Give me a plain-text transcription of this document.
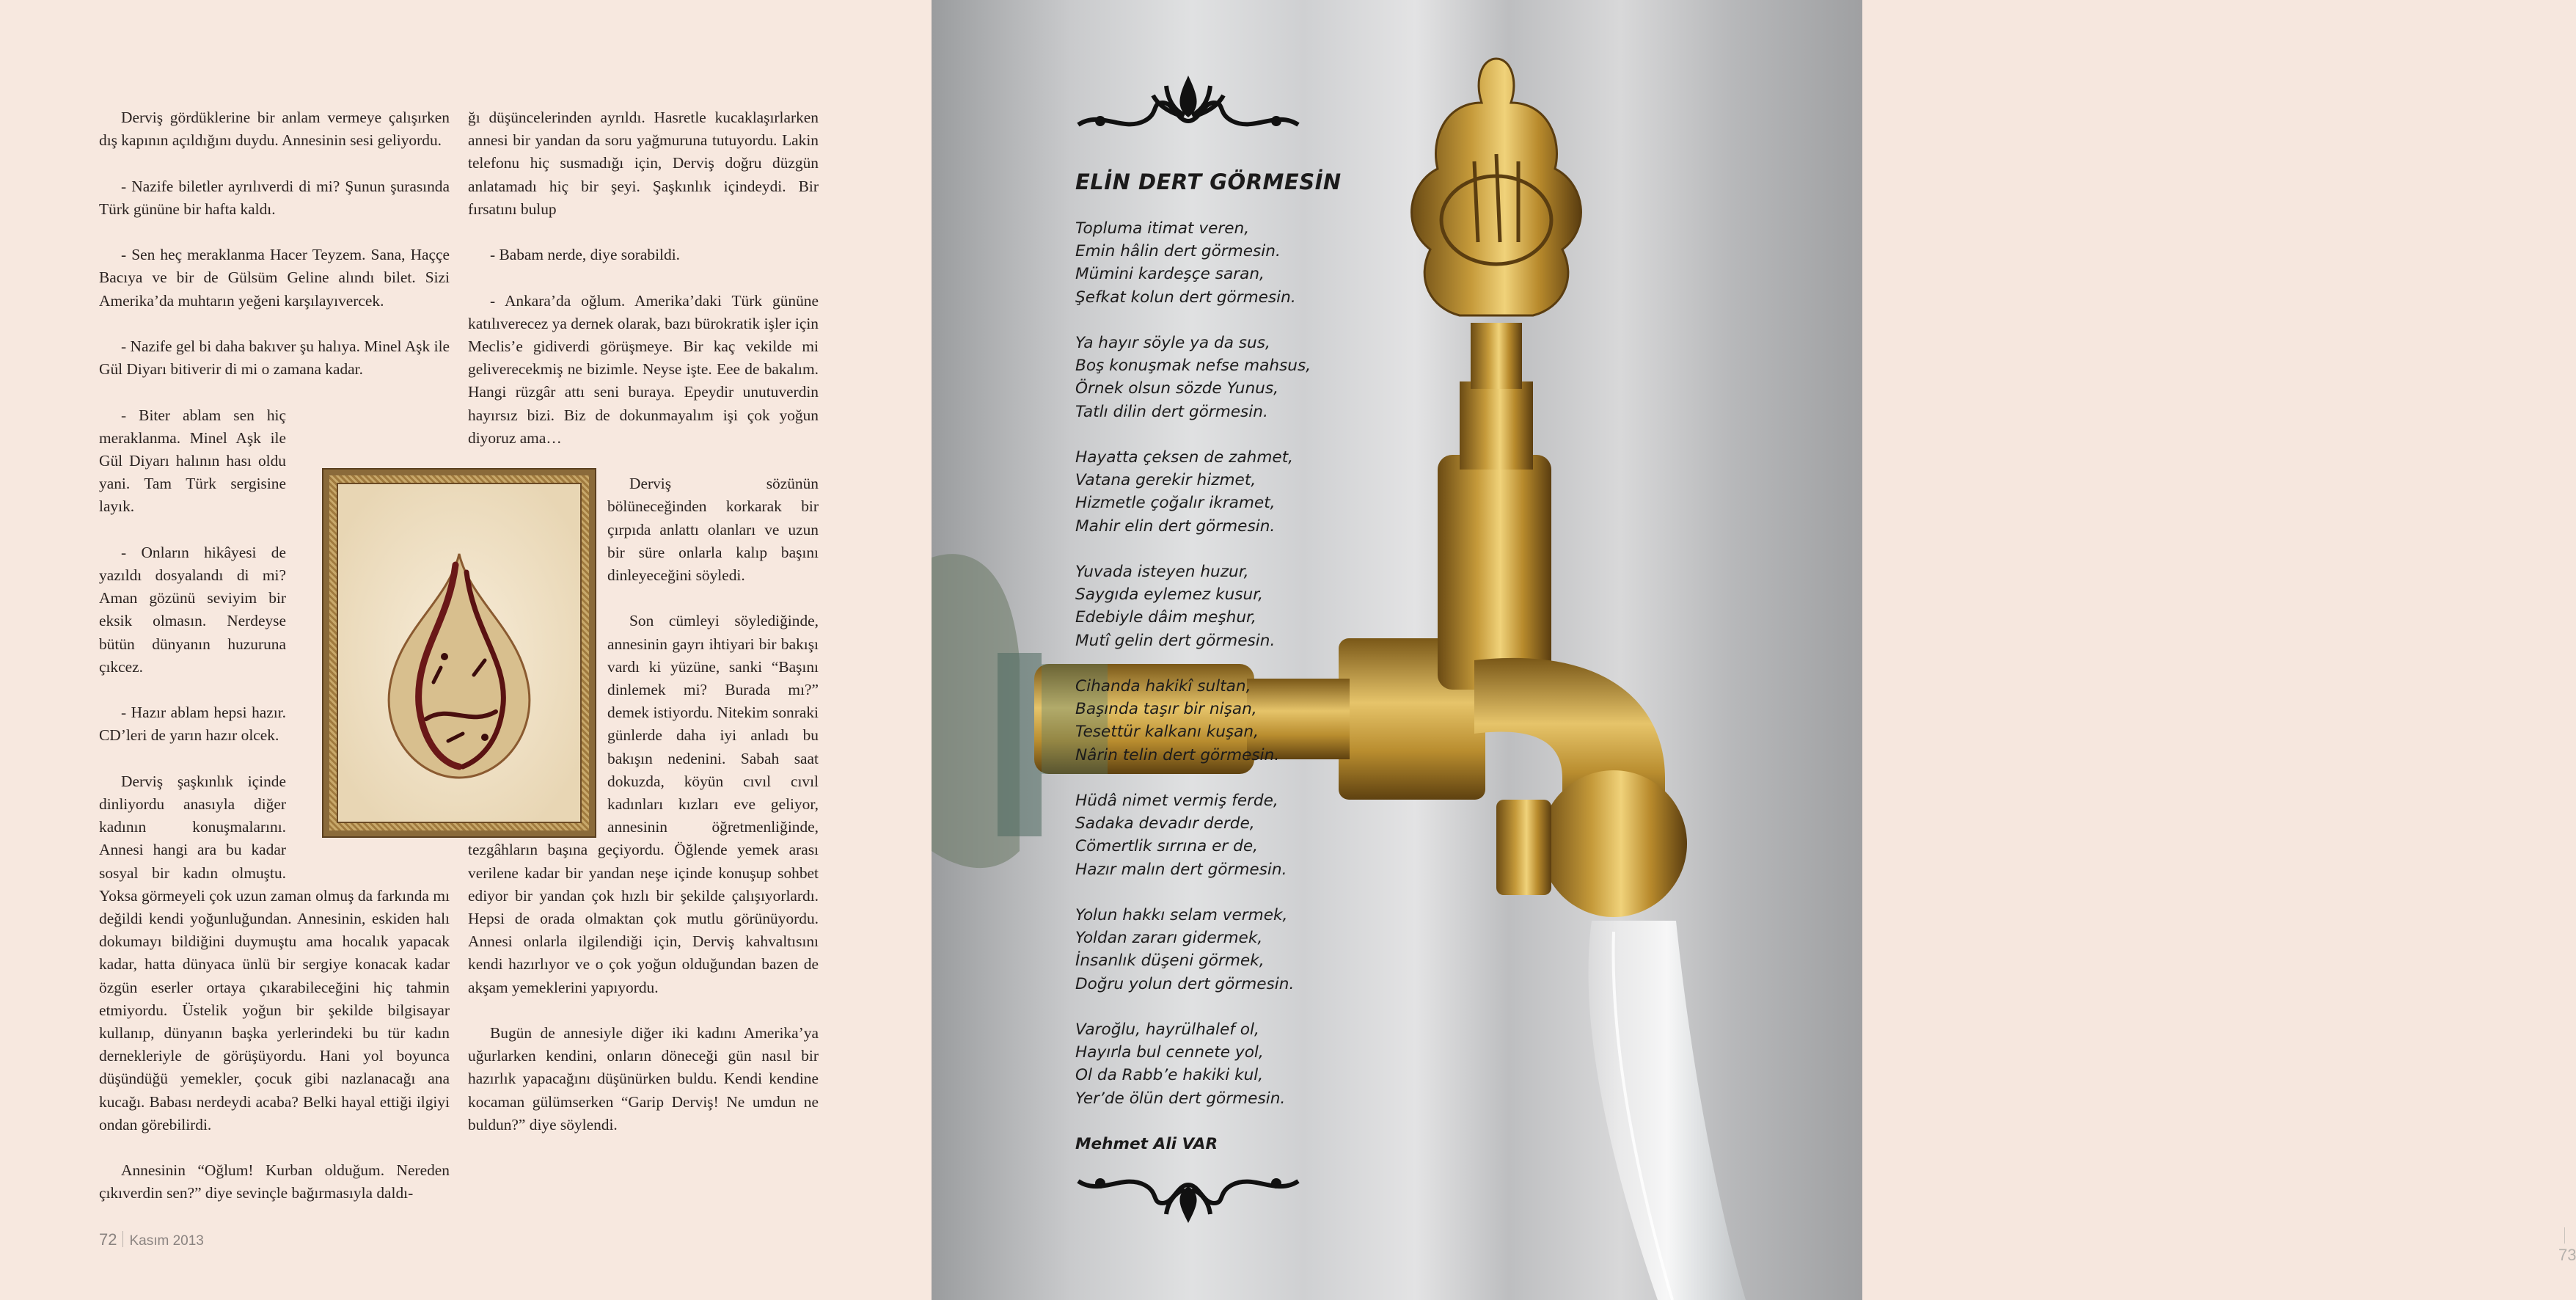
Derviş gördüklerine bir anlam vermeye çalışırken dış kapının açıldığını duydu. Annesinin sesi geliyordu.

- Nazife biletler ayrılıverdi di mi? Şunun şurasında Türk gününe bir hafta kaldı.

- Sen heç meraklanma Hacer Teyzem. Sana, Haççe Bacıya ve bir de Gülsüm Geline alındı bilet. Sizi Amerika’da muhtarın yeğeni karşılayıvercek.

- Nazife gel bi daha bakıver şu halıya. Minel Aşk ile Gül Diyarı bitiverir di mi o zamana kadar.

- Biter ablam sen hiç meraklanma. Minel Aşk ile Gül Diyarı halının hası oldu yani. Tam Türk sergisine layık.

- Onların hikâyesi de yazıldı dosyalandı di mi? Aman gözünü seviyim bir eksik olmasın. Nerdeyse bütün dünyanın huzuruna çıkcez.

- Hazır ablam hepsi hazır. CD’leri de yarın hazır olcek.

Derviş şaşkınlık içinde dinliyordu anasıyla diğer kadının konuşmalarını. Annesi hangi ara bu kadar sosyal bir kadın olmuştu. Yoksa görmeyeli çok uzun zaman olmuş da farkında mı değildi kendi yoğunluğundan. Annesinin, eskiden halı dokumayı bildiğini duymuştu ama hocalık yapacak kadar, hatta dünyaca ünlü bir sergiye konacak kadar özgün eserler ortaya çıkarabileceğini hiç tahmin etmiyordu. Üstelik yoğun bir şekilde bilgisayar kullanıp, dünyanın başka yerlerindeki bu tür kadın dernekleriyle de görüşüyordu. Hani yol boyunca düşündüğü yemekler, çocuk gibi nazlanacağı ana kucağı. Babası nerdeydi acaba? Belki hayal ettiği ilgiyi ondan görebilirdi.

Annesinin “Oğlum! Kurban olduğum. Nereden çıkıverdin sen?” diye sevinçle bağırmasıyla daldı-

ğı düşüncelerinden ayrıldı. Hasretle kucaklaşırlarken annesi bir yandan da soru yağmuruna tutuyordu. Lakin telefonu hiç susmadığı için, Derviş doğru düzgün anlatamadı hiç bir şeyi. Şaşkınlık içindeydi. Bir fırsatını bulup

- Babam nerde, diye sorabildi.

- Ankara’da oğlum. Amerika’daki Türk gününe katılıverecez ya dernek olarak, bazı bürokratik işler için Meclis’e gidiverdi görüşmeye. Bir kaç vekilde mi geliverecekmiş ne bizimle. Neyse işte. Eee de bakalım. Hangi rüzgâr attı seni buraya. Epeydir unutuverdin hayırsız bizi. Biz de dokunmayalım işi çok yoğun diyoruz ama…

Derviş sözünün bölüneceğinden korkarak bir çırpıda anlattı olanları ve uzun bir süre onlarla kalıp başını dinleyeceğini söyledi.

Son cümleyi söylediğinde, annesinin gayrı ihtiyari bir bakışı vardı ki yüzüne, sanki “Başını dinlemek mi? Burada mı?” demek istiyordu. Nitekim sonraki günlerde daha iyi anladı bu bakışın nedenini. Sabah saat dokuzda, köyün cıvıl cıvıl kadınları kızları eve geliyor, annesinin öğretmenliğinde, tezgâhların başına geçiyordu. Öğlende yemek arası verilene kadar bir yandan neşe içinde konuşup sohbet ediyor bir yandan çok hızlı bir şekilde çalışıyorlardı. Hepsi de orada olmaktan çok mutlu görünüyordu. Annesi onlarla ilgilendiği için, Derviş kahvaltısını kendi hazırlıyor ve o çok yoğun olduğundan bazen de akşam yemeklerini yapıyordu.

Bugün de annesiyle diğer iki kadını Amerika’ya uğurlarken kendini, onların döneceği gün nasıl bir hazırlık yapacağını düşünürken buldu. Kendi kendine kocaman gülümserken “Garip Derviş! Ne umdun ne buldun?” diye söylendi.

72 Kasım 2013
ELİN DERT GÖRMESİN
Topluma itimat veren,
Emin hâlin dert görmesin.
Mümini kardeşçe saran,
Şefkat kolun dert görmesin.
Ya hayır söyle ya da sus,
Boş konuşmak nefse mahsus,
Örnek olsun sözde Yunus,
Tatlı dilin dert görmesin.
Hayatta çeksen de zahmet,
Vatana gerekir hizmet,
Hizmetle çoğalır ikramet,
Mahir elin dert görmesin.
Yuvada isteyen huzur,
Saygıda eylemez kusur,
Edebiyle dâim meşhur,
Mutî gelin dert görmesin.
Cihanda hakikî sultan,
Başında taşır bir nişan,
Tesettür kalkanı kuşan,
Nârin telin dert görmesin.
Hüdâ nimet vermiş ferde,
Sadaka devadır derde,
Cömertlik sırrına er de,
Hazır malın dert görmesin.
Yolun hakkı selam vermek,
Yoldan zararı gidermek,
İnsanlık düşeni görmek,
Doğru yolun dert görmesin.
Varoğlu, hayrülhalef ol,
Hayırla bul cennete yol,
Ol da Rabb’e hakiki kul,
Yer’de ölün dert görmesin.
Mehmet Ali VAR
73
